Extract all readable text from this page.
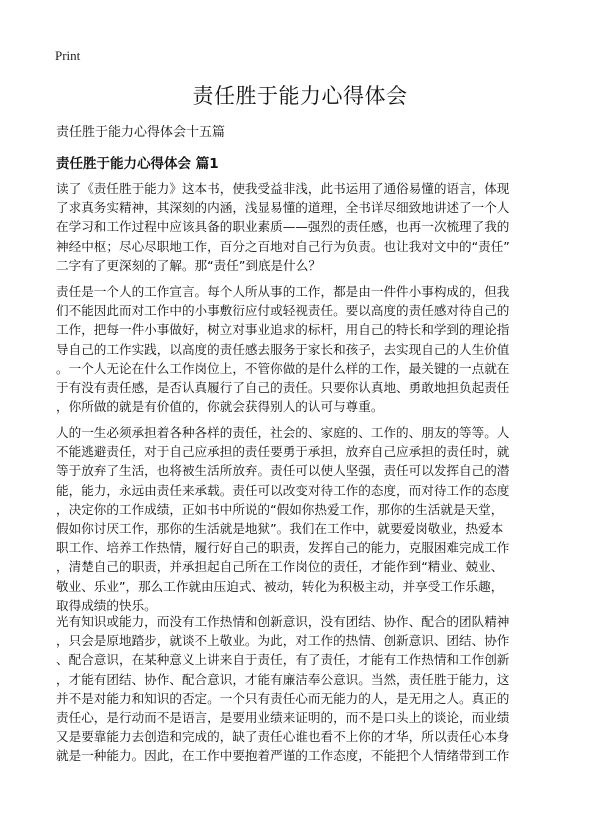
Print
责任胜于能力心得体会
责任胜于能力心得体会十五篇
责任胜于能力心得体会 篇1
读了《责任胜于能力》这本书，使我受益非浅，此书运用了通俗易懂的语言，体现
了求真务实精神，其深刻的内涵，浅显易懂的道理，全书详尽细致地讲述了一个人
在学习和工作过程中应该具备的职业素质——强烈的责任感，也再一次梳理了我的
神经中枢；尽心尽职地工作，百分之百地对自己行为负责。也让我对文中的“责任”
二字有了更深刻的了解。那“责任”到底是什么？
责任是一个人的工作宣言。每个人所从事的工作，都是由一件件小事构成的，但我
们不能因此而对工作中的小事敷衍应付或轻视责任。要以高度的责任感对待自己的
工作，把每一件小事做好，树立对事业追求的标杆，用自己的特长和学到的理论指
导自己的工作实践，以高度的责任感去服务于家长和孩子，去实现自己的人生价值
。一个人无论在什么工作岗位上，不管你做的是什么样的工作，最关键的一点就在
于有没有责任感，是否认真履行了自己的责任。只要你认真地、勇敢地担负起责任
，你所做的就是有价值的，你就会获得别人的认可与尊重。
人的一生必须承担着各种各样的责任，社会的、家庭的、工作的、朋友的等等。人
不能逃避责任，对于自己应承担的责任要勇于承担，放弃自己应承担的责任时，就
等于放弃了生活，也将被生活所放弃。责任可以使人坚强，责任可以发挥自己的潜
能，能力，永远由责任来承载。责任可以改变对待工作的态度，而对待工作的态度
，决定你的工作成绩，正如书中所说的“假如你热爱工作，那你的生活就是天堂，
假如你讨厌工作，那你的生活就是地狱”。我们在工作中，就要爱岗敬业，热爱本
职工作、培养工作热情，履行好自己的职责，发挥自己的能力，克服困难完成工作
，清楚自己的职责，并承担起自己所在工作岗位的责任，才能作到“精业、兢业、
敬业、乐业”，那么工作就由压迫式、被动，转化为积极主动，并享受工作乐趣，
取得成绩的快乐。
光有知识或能力，而没有工作热情和创新意识，没有团结、协作、配合的团队精神
，只会是原地踏步，就谈不上敬业。为此，对工作的热情、创新意识、团结、协作
、配合意识，在某种意义上讲来自于责任，有了责任，才能有工作热情和工作创新
，才能有团结、协作、配合意识，才能有廉洁奉公意识。当然，责任胜于能力，这
并不是对能力和知识的否定。一个只有责任心而无能力的人，是无用之人。真正的
责任心，是行动而不是语言，是要用业绩来证明的，而不是口头上的谈论，而业绩
又是要靠能力去创造和完成的，缺了责任心谁也看不上你的才华，所以责任心本身
就是一种能力。因此，在工作中要抱着严谨的工作态度，不能把个人情绪带到工作
